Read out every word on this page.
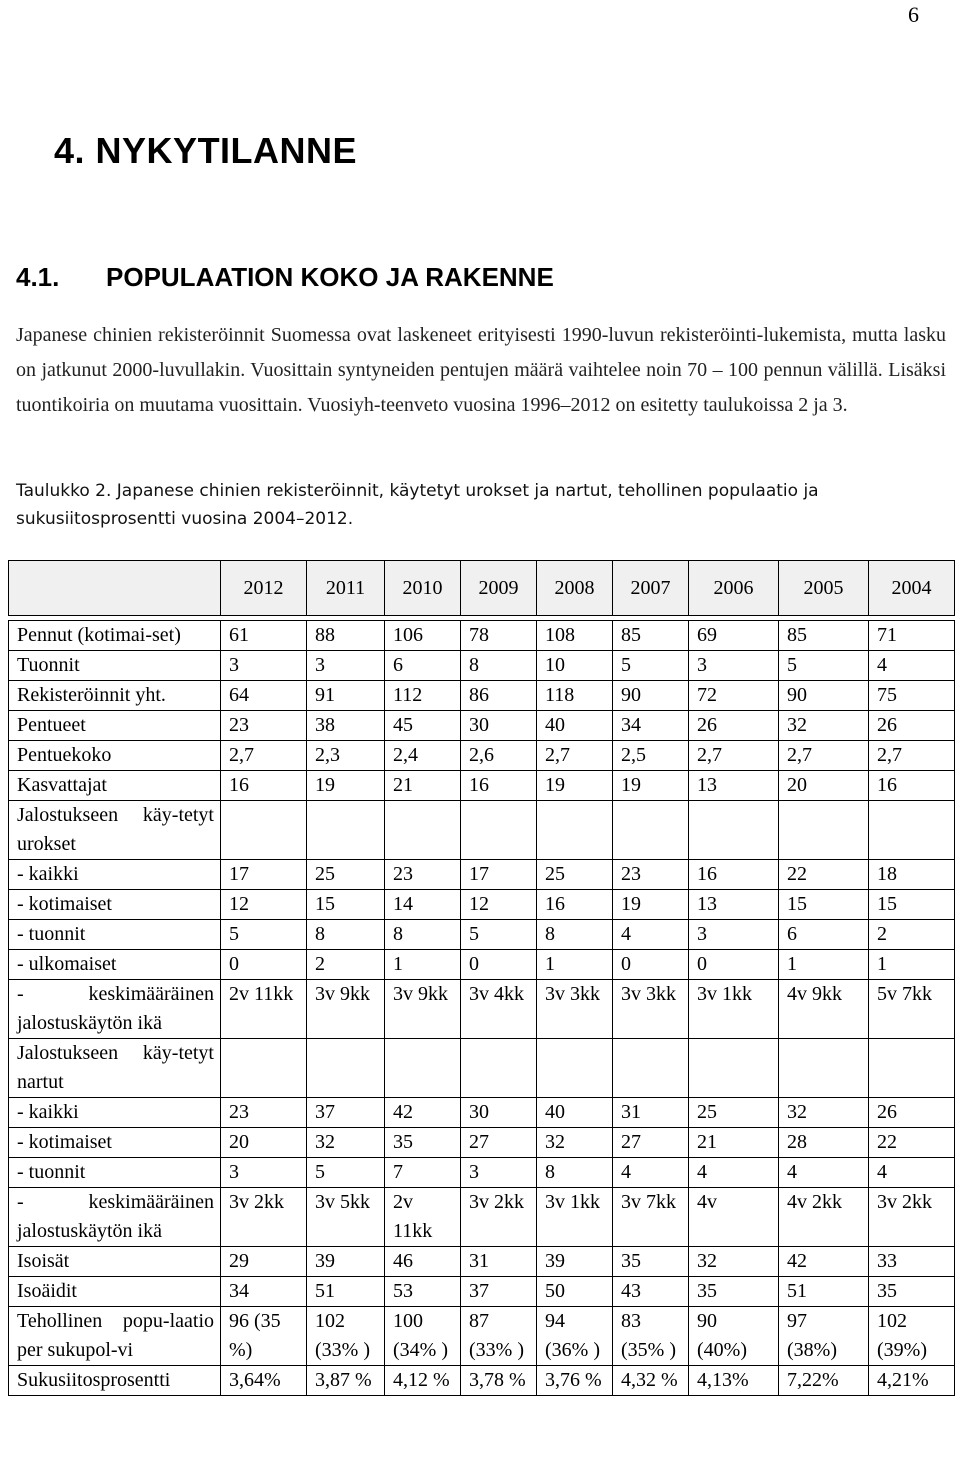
6
4. NYKYTILANNE
4.1. POPULAATION KOKO JA RAKENNE

Japanese chinien rekisteröinnit Suomessa ovat laskeneet erityisesti 1990-luvun rekisteröinti-lukemista, mutta lasku on jatkunut 2000-luvullakin. Vuosittain syntyneiden pentujen määrä vaihtelee noin 70 – 100 pennun välillä. Lisäksi tuontikoiria on muutama vuosittain. Vuosiyh-teenveto vuosina 1996–2012 on esitetty taulukoissa 2 ja 3.

Taulukko 2. Japanese chinien rekisteröinnit, käytetyt urokset ja nartut, tehollinen populaatio ja sukusiitosprosentti vuosina 2004–2012.

	2012	2011	2010	2009	2008	2007	2006	2005	2004

Pennut (kotimai-set)	61	88	106	78	108	85	69	85	71
Tuonnit	3	3	6	8	10	5	3	5	4
Rekisteröinnit yht.	64	91	112	86	118	90	72	90	75
Pentueet	23	38	45	30	40	34	26	32	26
Pentuekoko	2,7	2,3	2,4	2,6	2,7	2,5	2,7	2,7	2,7
Kasvattajat	16	19	21	16	19	19	13	20	16
Jalostukseen käy-tetyt urokset									
- kaikki	17	25	23	17	25	23	16	22	18
- kotimaiset	12	15	14	12	16	19	13	15	15
- tuonnit	5	8	8	5	8	4	3	6	2
- ulkomaiset	0	2	1	0	1	0	0	1	1
- keskimääräinen jalostuskäytön ikä	2v 11kk	3v 9kk	3v 9kk	3v 4kk	3v 3kk	3v 3kk	3v 1kk	4v 9kk	5v 7kk
Jalostukseen käy-tetyt nartut									
- kaikki	23	37	42	30	40	31	25	32	26
- kotimaiset	20	32	35	27	32	27	21	28	22
- tuonnit	3	5	7	3	8	4	4	4	4
- keskimääräinen jalostuskäytön ikä	3v 2kk	3v 5kk	2v 11kk	3v 2kk	3v 1kk	3v 7kk	4v	4v 2kk	3v 2kk
Isoisät	29	39	46	31	39	35	32	42	33
Isoäidit	34	51	53	37	50	43	35	51	35
Tehollinen popu-laatio per sukupol-vi	96 (35 %)	102 (33% )	100 (34% )	87 (33% )	94 (36% )	83 (35% )	90 (40%)	97 (38%)	102 (39%)
Sukusiitosprosentti	3,64%	3,87 %	4,12 %	3,78 %	3,76 %	4,32 %	4,13%	7,22%	4,21%
